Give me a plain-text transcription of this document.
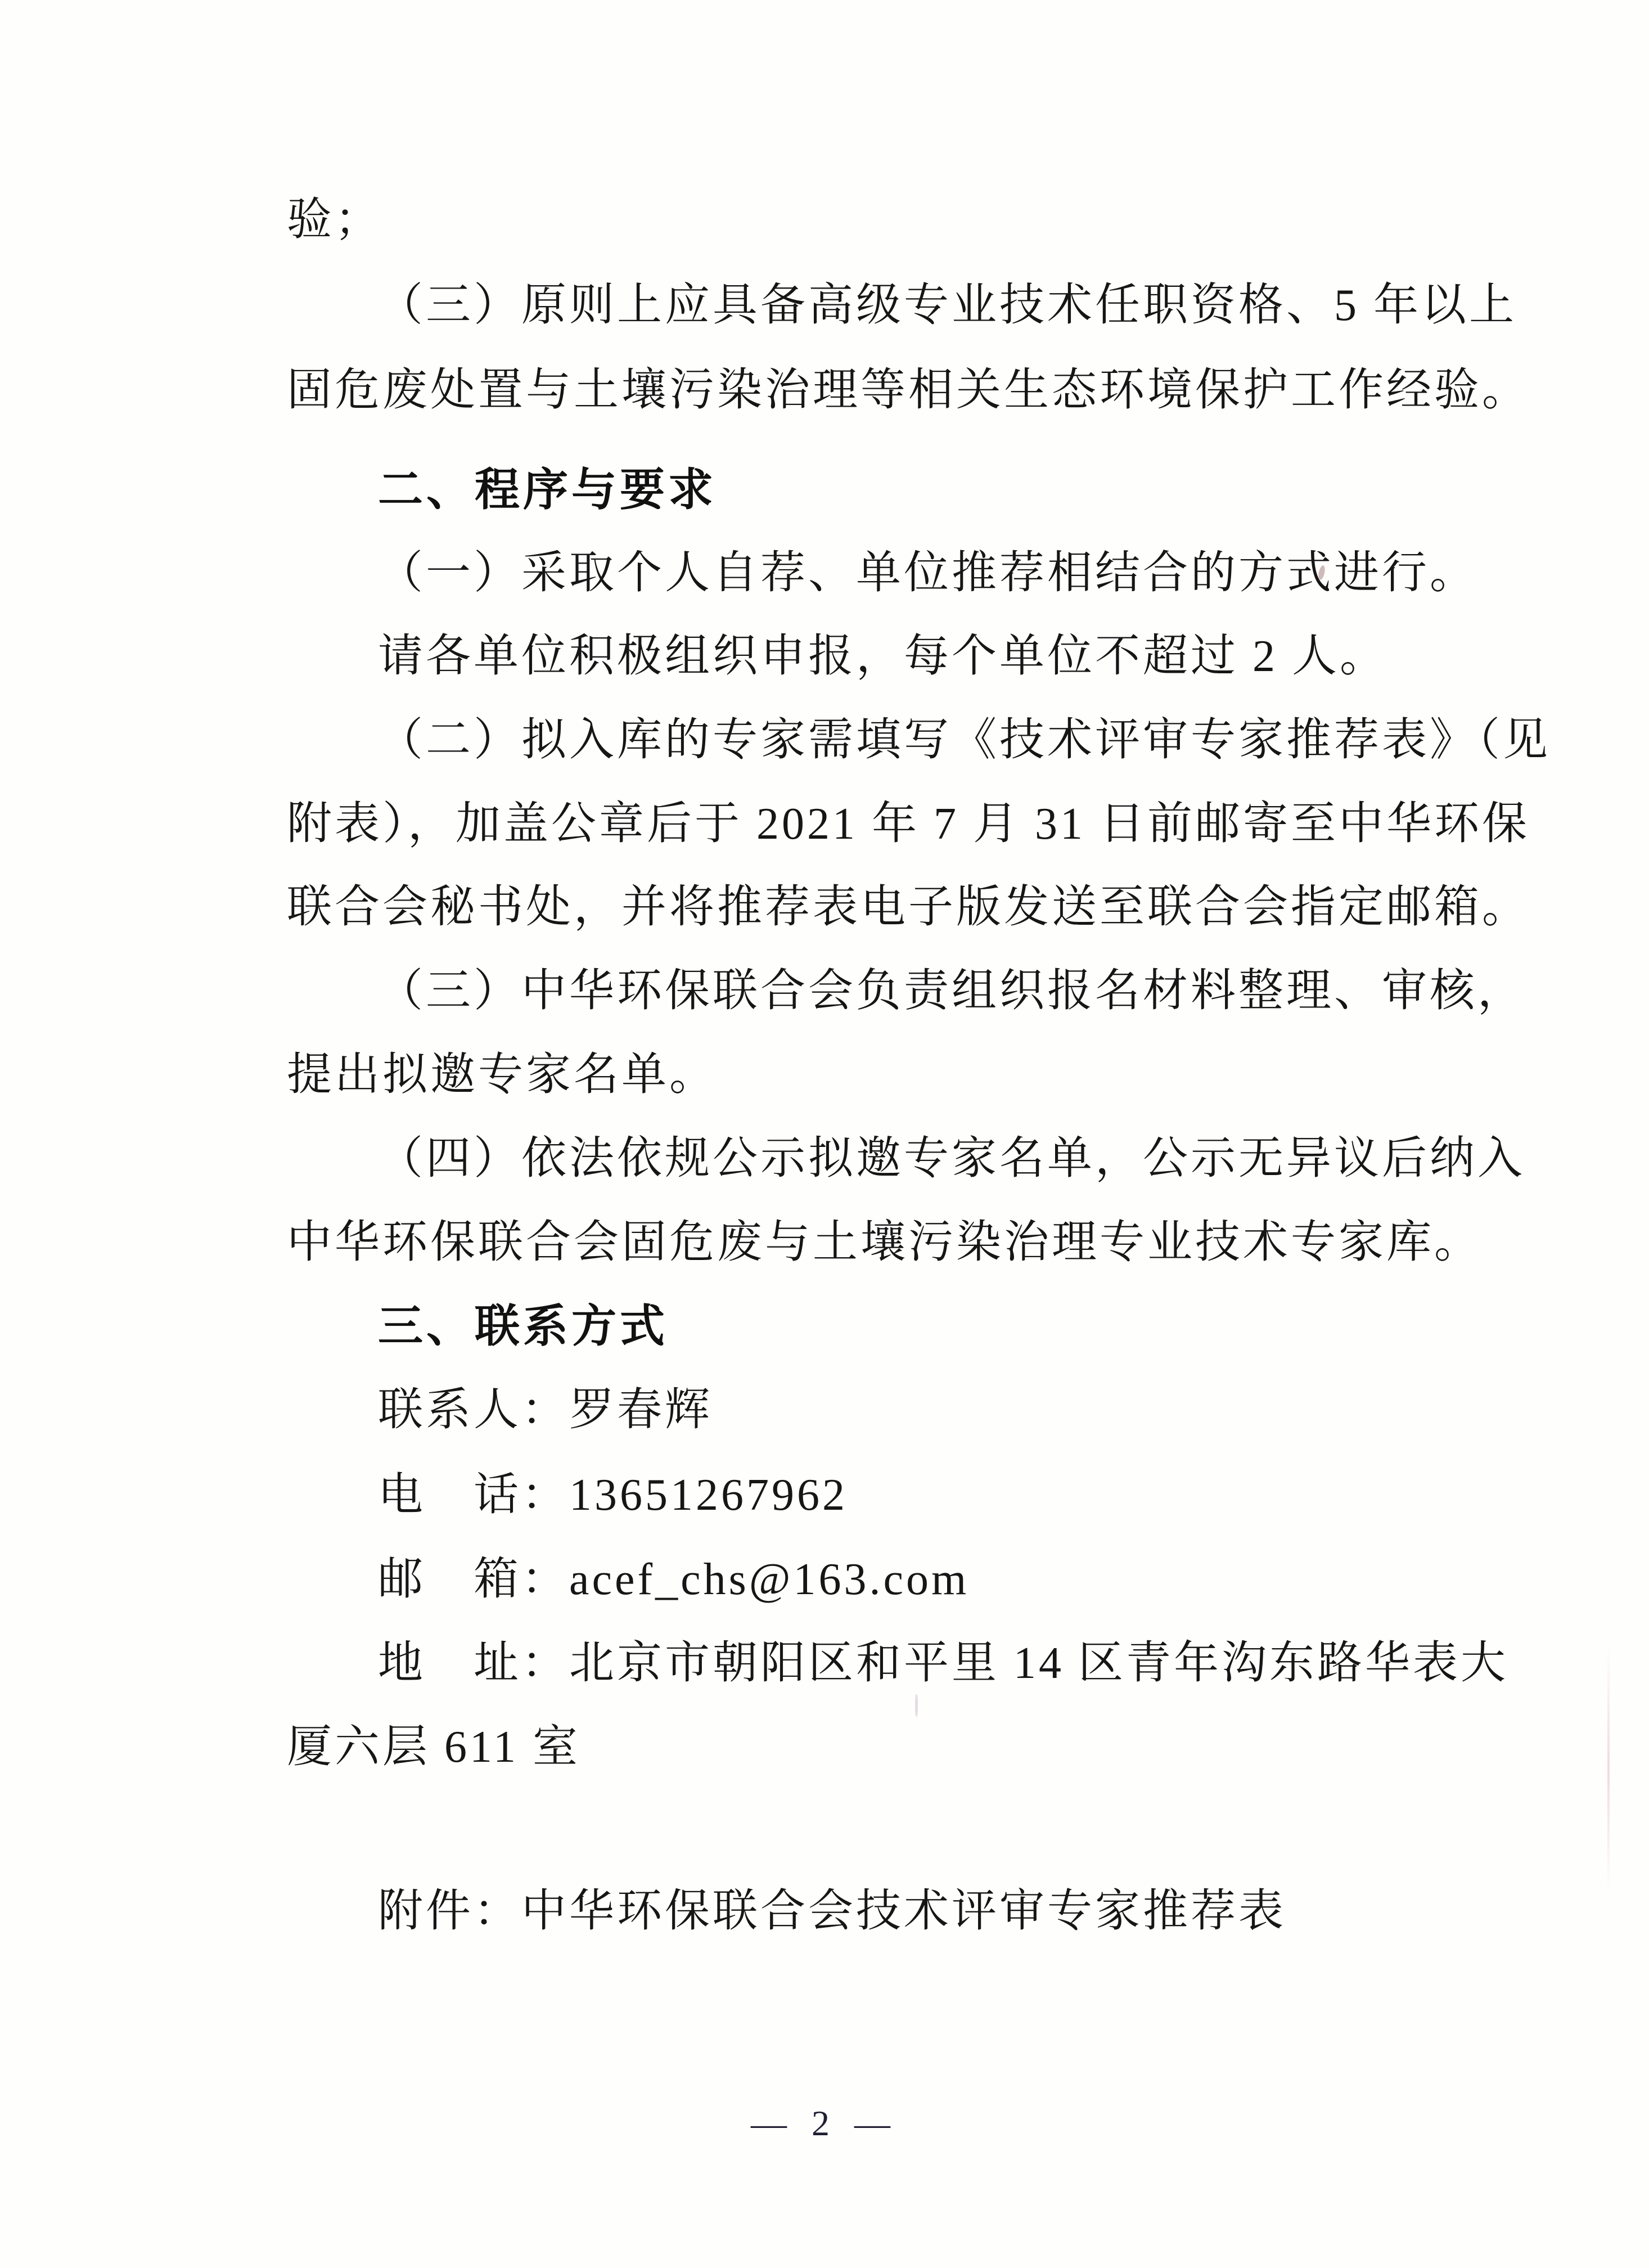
验；
（三）原则上应具备高级专业技术任职资格、5 年以上
固危废处置与土壤污染治理等相关生态环境保护工作经验。
二、程序与要求
（一）采取个人自荐、单位推荐相结合的方式进行。
请各单位积极组织申报，每个单位不超过 2 人。
（二）拟入库的专家需填写《技术评审专家推荐表》（见
附表），加盖公章后于 2021 年 7 月 31 日前邮寄至中华环保
联合会秘书处，并将推荐表电子版发送至联合会指定邮箱。
（三）中华环保联合会负责组织报名材料整理、审核，
提出拟邀专家名单。
（四）依法依规公示拟邀专家名单，公示无异议后纳入
中华环保联合会固危废与土壤污染治理专业技术专家库。
三、联系方式
联系人：罗春辉
电　话：13651267962
邮　箱：acef_chs@163.com
地　址：北京市朝阳区和平里 14 区青年沟东路华表大
厦六层 611 室
附件：中华环保联合会技术评审专家推荐表
— 2 —
